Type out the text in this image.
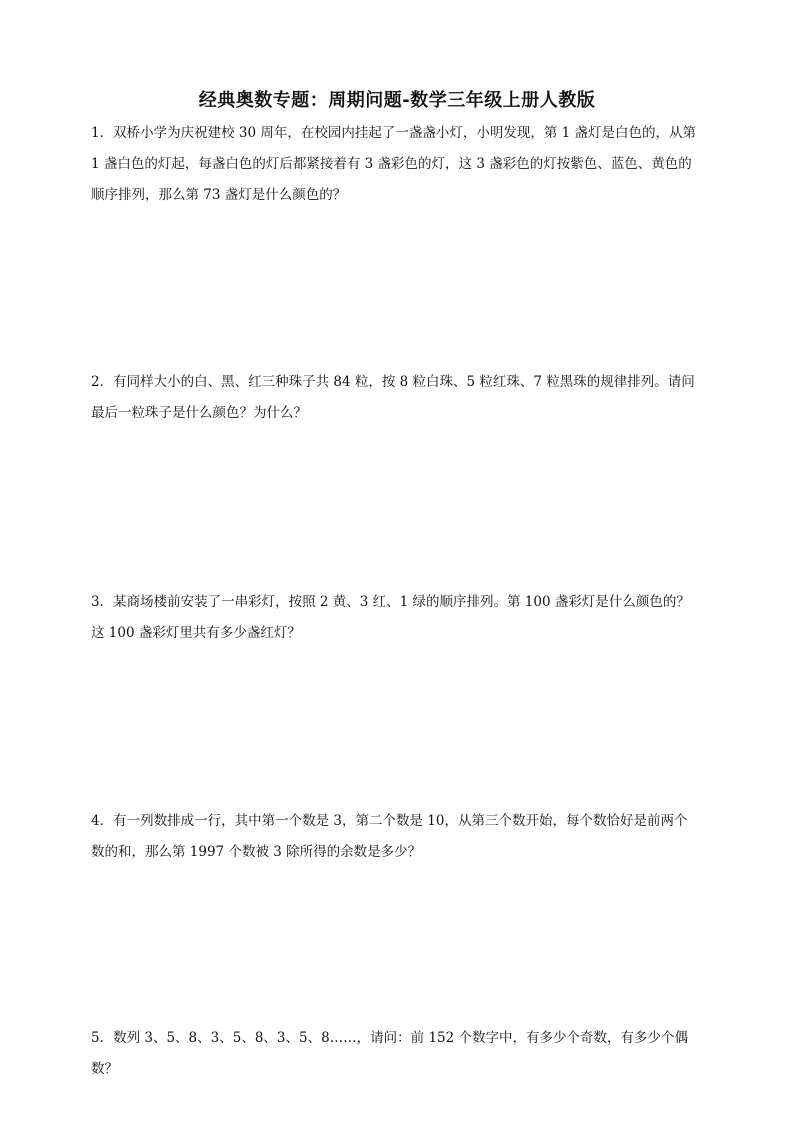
经典奥数专题：周期问题-数学三年级上册人教版

1．双桥小学为庆祝建校 30 周年，在校园内挂起了一盏盏小灯，小明发现，第 1 盏灯是白色的，从第

1 盏白色的灯起，每盏白色的灯后都紧接着有 3 盏彩色的灯，这 3 盏彩色的灯按紫色、蓝色、黄色的

顺序排列，那么第 73 盏灯是什么颜色的？

2．有同样大小的白、黑、红三种珠子共 84 粒，按 8 粒白珠、5 粒红珠、7 粒黑珠的规律排列。请问

最后一粒珠子是什么颜色？为什么？

3．某商场楼前安装了一串彩灯，按照 2 黄、3 红、1 绿的顺序排列。第 100 盏彩灯是什么颜色的？

这 100 盏彩灯里共有多少盏红灯？

4．有一列数排成一行，其中第一个数是 3，第二个数是 10，从第三个数开始，每个数恰好是前两个

数的和，那么第 1997 个数被 3 除所得的余数是多少？

5．数列 3、5、8、3、5、8、3、5、8……，请问：前 152 个数字中，有多少个奇数，有多少个偶数？
